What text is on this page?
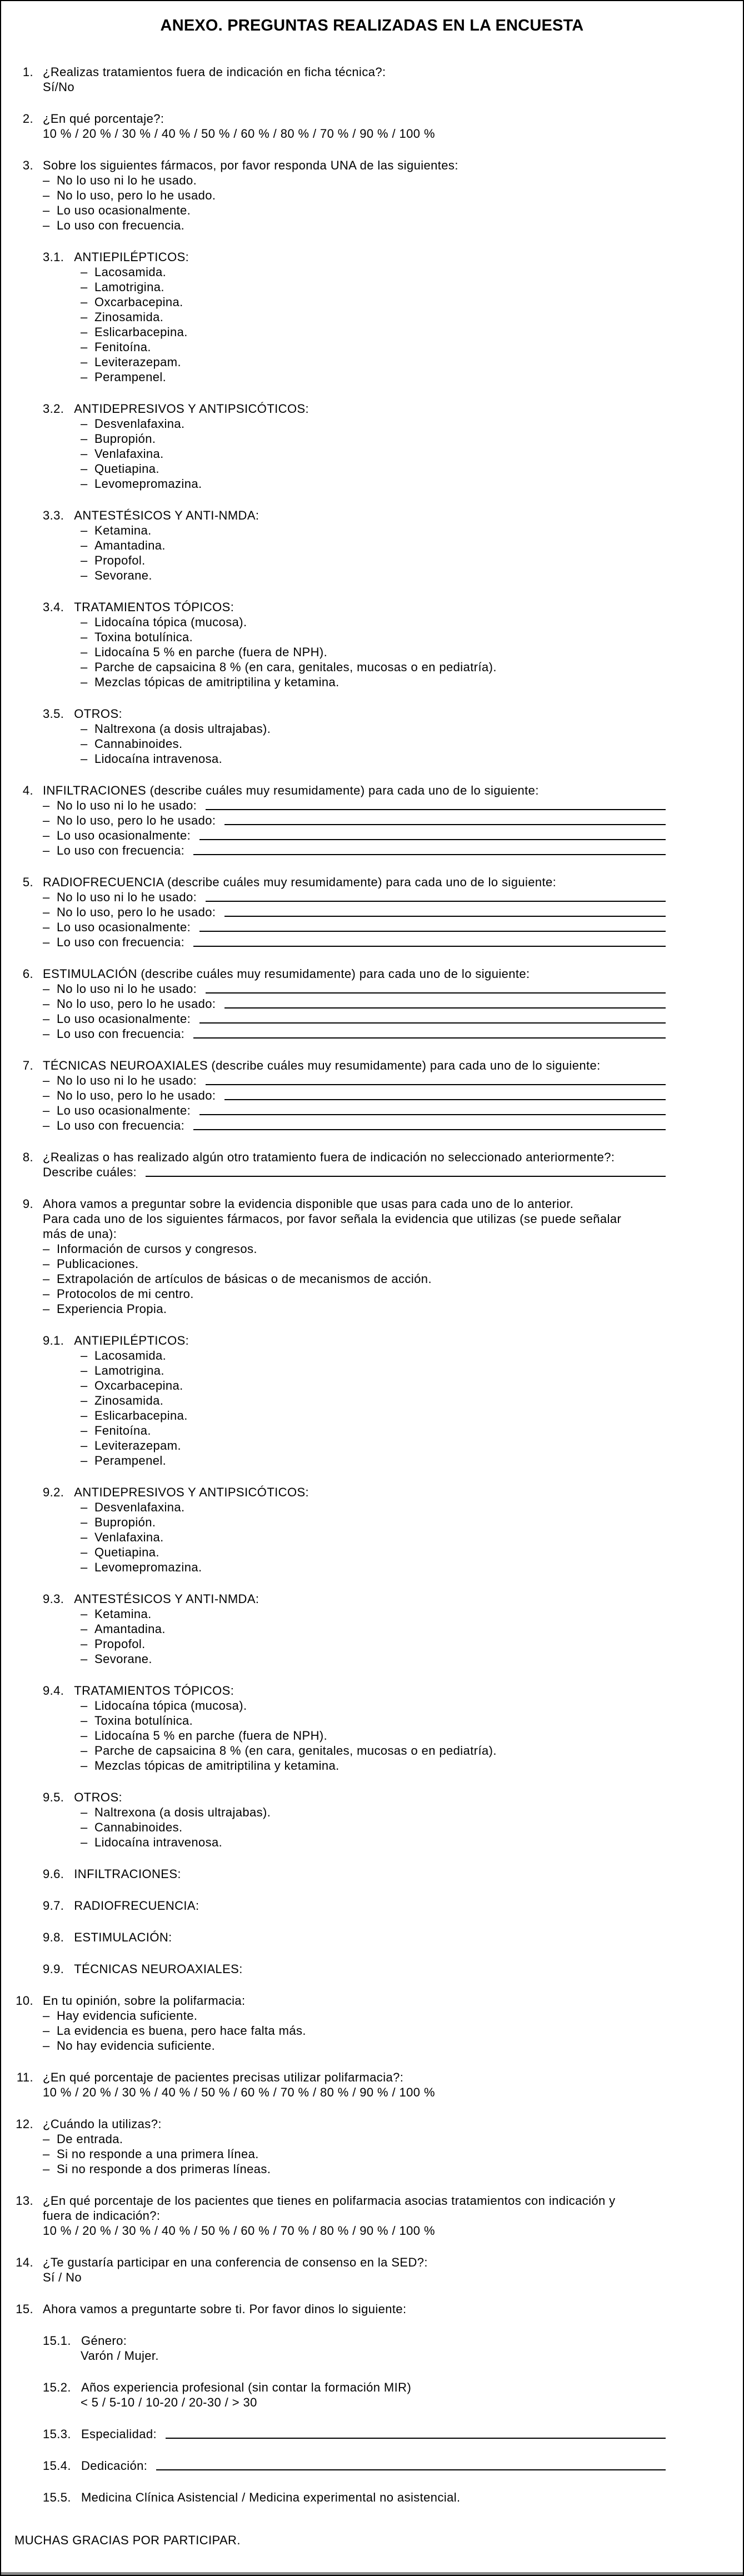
ANEXO. PREGUNTAS REALIZADAS EN LA ENCUESTA
1. ¿Realizas tratamientos fuera de indicación en ficha técnica?:
Sí/No
2. ¿En qué porcentaje?:
10 % / 20 % / 30 % / 40 % / 50 % / 60 % / 80 % / 70 % / 90 % / 100 %
3. Sobre los siguientes fármacos, por favor responda UNA de las siguientes:
– No lo uso ni lo he usado.
– No lo uso, pero lo he usado.
– Lo uso ocasionalmente.
– Lo uso con frecuencia.
3.1. ANTIEPILÉPTICOS:
– Lacosamida.
– Lamotrigina.
– Oxcarbacepina.
– Zinosamida.
– Eslicarbacepina.
– Fenitoína.
– Leviterazepam.
– Perampenel.
3.2. ANTIDEPRESIVOS Y ANTIPSICÓTICOS:
– Desvenlafaxina.
– Bupropión.
– Venlafaxina.
– Quetiapina.
– Levomepromazina.
3.3. ANTESTÉSICOS Y ANTI-NMDA:
– Ketamina.
– Amantadina.
– Propofol.
– Sevorane.
3.4. TRATAMIENTOS TÓPICOS:
– Lidocaína tópica (mucosa).
– Toxina botulínica.
– Lidocaína 5 % en parche (fuera de NPH).
– Parche de capsaicina 8 % (en cara, genitales, mucosas o en pediatría).
– Mezclas tópicas de amitriptilina y ketamina.
3.5. OTROS:
– Naltrexona (a dosis ultrajabas).
– Cannabinoides.
– Lidocaína intravenosa.
4. INFILTRACIONES (describe cuáles muy resumidamente) para cada uno de lo siguiente:
– No lo uso ni lo he usado:
– No lo uso, pero lo he usado:
– Lo uso ocasionalmente:
– Lo uso con frecuencia:
5. RADIOFRECUENCIA (describe cuáles muy resumidamente) para cada uno de lo siguiente:
– No lo uso ni lo he usado:
– No lo uso, pero lo he usado:
– Lo uso ocasionalmente:
– Lo uso con frecuencia:
6. ESTIMULACIÓN (describe cuáles muy resumidamente) para cada uno de lo siguiente:
– No lo uso ni lo he usado:
– No lo uso, pero lo he usado:
– Lo uso ocasionalmente:
– Lo uso con frecuencia:
7. TÉCNICAS NEUROAXIALES (describe cuáles muy resumidamente) para cada uno de lo siguiente:
– No lo uso ni lo he usado:
– No lo uso, pero lo he usado:
– Lo uso ocasionalmente:
– Lo uso con frecuencia:
8. ¿Realizas o has realizado algún otro tratamiento fuera de indicación no seleccionado anteriormente?:
Describe cuáles:
9. Ahora vamos a preguntar sobre la evidencia disponible que usas para cada uno de lo anterior.
Para cada uno de los siguientes fármacos, por favor señala la evidencia que utilizas (se puede señalar
más de una):
– Información de cursos y congresos.
– Publicaciones.
– Extrapolación de artículos de básicas o de mecanismos de acción.
– Protocolos de mi centro.
– Experiencia Propia.
9.1. ANTIEPILÉPTICOS:
– Lacosamida.
– Lamotrigina.
– Oxcarbacepina.
– Zinosamida.
– Eslicarbacepina.
– Fenitoína.
– Leviterazepam.
– Perampenel.
9.2. ANTIDEPRESIVOS Y ANTIPSICÓTICOS:
– Desvenlafaxina.
– Bupropión.
– Venlafaxina.
– Quetiapina.
– Levomepromazina.
9.3. ANTESTÉSICOS Y ANTI-NMDA:
– Ketamina.
– Amantadina.
– Propofol.
– Sevorane.
9.4. TRATAMIENTOS TÓPICOS:
– Lidocaína tópica (mucosa).
– Toxina botulínica.
– Lidocaína 5 % en parche (fuera de NPH).
– Parche de capsaicina 8 % (en cara, genitales, mucosas o en pediatría).
– Mezclas tópicas de amitriptilina y ketamina.
9.5. OTROS:
– Naltrexona (a dosis ultrajabas).
– Cannabinoides.
– Lidocaína intravenosa.
9.6. INFILTRACIONES:
9.7. RADIOFRECUENCIA:
9.8. ESTIMULACIÓN:
9.9. TÉCNICAS NEUROAXIALES:
10. En tu opinión, sobre la polifarmacia:
– Hay evidencia suficiente.
– La evidencia es buena, pero hace falta más.
– No hay evidencia suficiente.
11. ¿En qué porcentaje de pacientes precisas utilizar polifarmacia?:
10 % / 20 % / 30 % / 40 % / 50 % / 60 % / 70 % / 80 % / 90 % / 100 %
12. ¿Cuándo la utilizas?:
– De entrada.
– Si no responde a una primera línea.
– Si no responde a dos primeras líneas.
13. ¿En qué porcentaje de los pacientes que tienes en polifarmacia asocias tratamientos con indicación y
fuera de indicación?:
10 % / 20 % / 30 % / 40 % / 50 % / 60 % / 70 % / 80 % / 90 % / 100 %
14. ¿Te gustaría participar en una conferencia de consenso en la SED?:
Sí / No
15. Ahora vamos a preguntarte sobre ti. Por favor dinos lo siguiente:
15.1. Género:
Varón / Mujer.
15.2. Años experiencia profesional (sin contar la formación MIR)
< 5 / 5-10 / 10-20 / 20-30 / > 30
15.3. Especialidad:
15.4. Dedicación:
15.5. Medicina Clínica Asistencial / Medicina experimental no asistencial.
MUCHAS GRACIAS POR PARTICIPAR.
